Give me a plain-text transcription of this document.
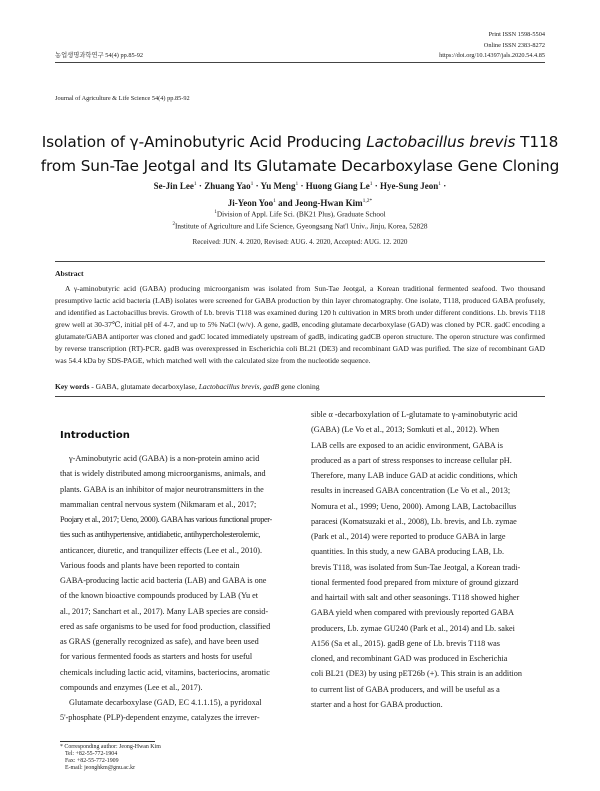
Print ISSN 1598-5504
Online ISSN 2383-8272
https://doi.org/10.14397/jals.2020.54.4.85
농업생명과학연구 54(4) pp.85-92
Journal of Agriculture & Life Science 54(4) pp.85-92
Isolation of γ-Aminobutyric Acid Producing Lactobacillus brevis T118
from Sun-Tae Jeotgal and Its Glutamate Decarboxylase Gene Cloning
Se-Jin Lee$^1$ · Zhuang Yao$^1$ · Yu Meng$^1$ · Huong Giang $Le^1$ · Hye-Sung Jeon$^1$ ·
Ji-Yeon Yoo$^1$ and Jeong-Hwan Kim$^{1,2*}$
$^1$Division of Appl. Life Sci. (BK21 Plus), Graduate School
$^2$Institute of Agriculture and Life Science, Gyeongsang Nat'l Univ., Jinju, Korea, 52828
Received: JUN. 4. 2020, Revised: AUG. 4. 2020, Accepted: AUG. 12. 2020
Abstract

A γ-aminobutyric acid (GABA) producing microorganism was isolated from Sun-Tae Jeotgal, a Korean traditional fermented seafood. Two thousand presumptive lactic acid bacteria (LAB) isolates were screened for GABA production by thin layer chromatography. One isolate, T118, produced GABA profusely, and identified as Lactobacillus brevis. Growth of Lb. brevis T118 was examined during 120 h cultivation in MRS broth under different conditions. Lb. brevis T118 grew well at 30-37℃, initial pH of 4-7, and up to 5% NaCl (w/v). A gene, gadB, encoding glutamate decarboxylase (GAD) was cloned by PCR. gadC encoding a glutamate/GABA antiporter was cloned and gadC located immediately upstream of gadB, indicating gadCB operon structure. The operon structure was confirmed by reverse transcription (RT)-PCR. gadB was overexpressed in Escherichia coli BL21 (DE3) and recombinant GAD was purified. The size of recombinant GAD was 54.4 kDa by SDS-PAGE, which matched well with the calculated size from the nucleotide sequence.

Key words - GABA, glutamate decarboxylase, Lactobacillus brevis, gadB gene cloning
Introduction

γ-Aminobutyric acid (GABA) is a non-protein amino acid

that is widely distributed among microorganisms, animals, and

plants. GABA is an inhibitor of major neurotransmitters in the

mammalian central nervous system (Nikmaram et al., 2017;

Poojary et al., 2017; Ueno, 2000). GABA has various functional proper-

ties such as antihypertensive, antidiabetic, antihypercholesterolemic,

anticancer, diuretic, and tranquilizer effects (Lee et al., 2010).

Various foods and plants have been reported to contain

GABA-producing lactic acid bacteria (LAB) and GABA is one

of the known bioactive compounds produced by LAB (Yu et

al., 2017; Sanchart et al., 2017). Many LAB species are consid-

ered as safe organisms to be used for food production, classified

as GRAS (generally recognized as safe), and have been used

for various fermented foods as starters and hosts for useful

chemicals including lactic acid, vitamins, bacteriocins, aromatic

compounds and enzymes (Lee et al., 2017).

Glutamate decarboxylase (GAD, EC 4.1.1.15), a pyridoxal

5'-phosphate (PLP)-dependent enzyme, catalyzes the irrever-

sible α -decarboxylation of L-glutamate to γ-aminobutyric acid

(GABA) (Le Vo et al., 2013; Somkuti et al., 2012). When

LAB cells are exposed to an acidic environment, GABA is

produced as a part of stress responses to increase cellular pH.

Therefore, many LAB induce GAD at acidic conditions, which

results in increased GABA concentration (Le Vo et al., 2013;

Nomura et al., 1999; Ueno, 2000). Among LAB, Lactobacillus

paracesi (Komatsuzaki et al., 2008), Lb. brevis, and Lb. zymae

(Park et al., 2014) were reported to produce GABA in large

quantities. In this study, a new GABA producing LAB, Lb.

brevis T118, was isolated from Sun-Tae Jeotgal, a Korean tradi-

tional fermented food prepared from mixture of ground gizzard

and hairtail with salt and other seasonings. T118 showed higher

GABA yield when compared with previously reported GABA

producers, Lb. zymae GU240 (Park et al., 2014) and Lb. sakei

A156 (Sa et al., 2015). gadB gene of Lb. brevis T118 was

cloned, and recombinant GAD was produced in Escherichia

coli BL21 (DE3) by using pET26b (+). This strain is an addition

to current list of GABA producers, and will be useful as a

starter and a host for GABA production.

* Corresponding author: Jeong-Hwan Kim
Tel: +82-55-772-1904
Fax: +82-55-772-1909
E-mail: jeonghkm@gnu.ac.kr
